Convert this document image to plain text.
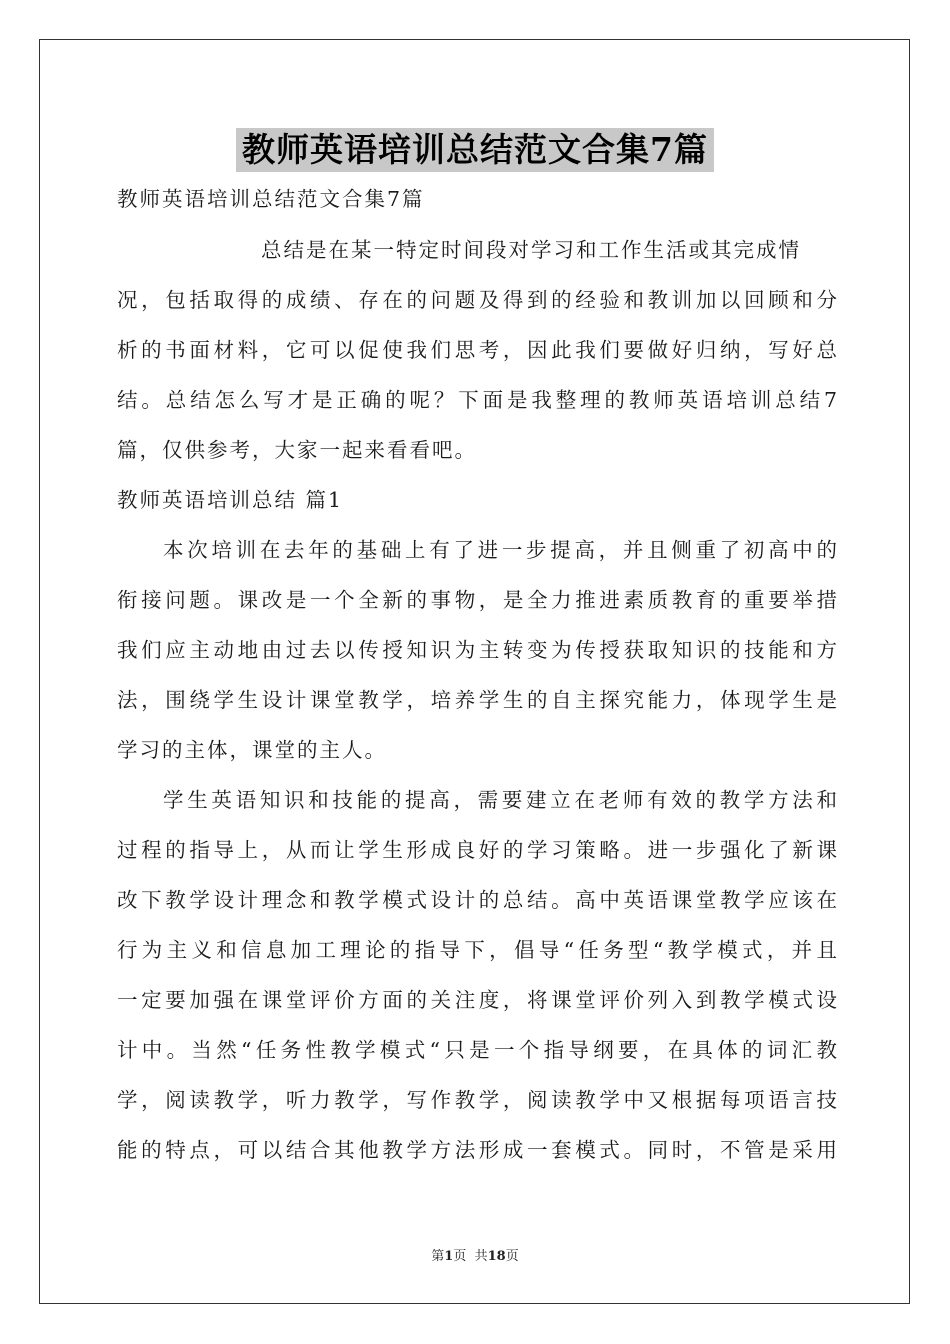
教师英语培训总结范文合集7篇
教师英语培训总结范文合集7篇
总结是在某一特定时间段对学习和工作生活或其完成情
况，包括取得的成绩、存在的问题及得到的经验和教训加以回顾和分
析的书面材料，它可以促使我们思考，因此我们要做好归纳，写好总
结。总结怎么写才是正确的呢？下面是我整理的教师英语培训总结7
篇，仅供参考，大家一起来看看吧。
教师英语培训总结 篇1
本次培训在去年的基础上有了进一步提高，并且侧重了初高中的
衔接问题。课改是一个全新的事物，是全力推进素质教育的重要举措
我们应主动地由过去以传授知识为主转变为传授获取知识的技能和方
法，围绕学生设计课堂教学，培养学生的自主探究能力，体现学生是
学习的主体，课堂的主人。
学生英语知识和技能的提高，需要建立在老师有效的教学方法和
过程的指导上，从而让学生形成良好的学习策略。进一步强化了新课
改下教学设计理念和教学模式设计的总结。高中英语课堂教学应该在
行为主义和信息加工理论的指导下，倡导“任务型“教学模式，并且
一定要加强在课堂评价方面的关注度，将课堂评价列入到教学模式设
计中。当然“任务性教学模式“只是一个指导纲要，在具体的词汇教
学，阅读教学，听力教学，写作教学，阅读教学中又根据每项语言技
能的特点，可以结合其他教学方法形成一套模式。同时，不管是采用
第1页  共18页
